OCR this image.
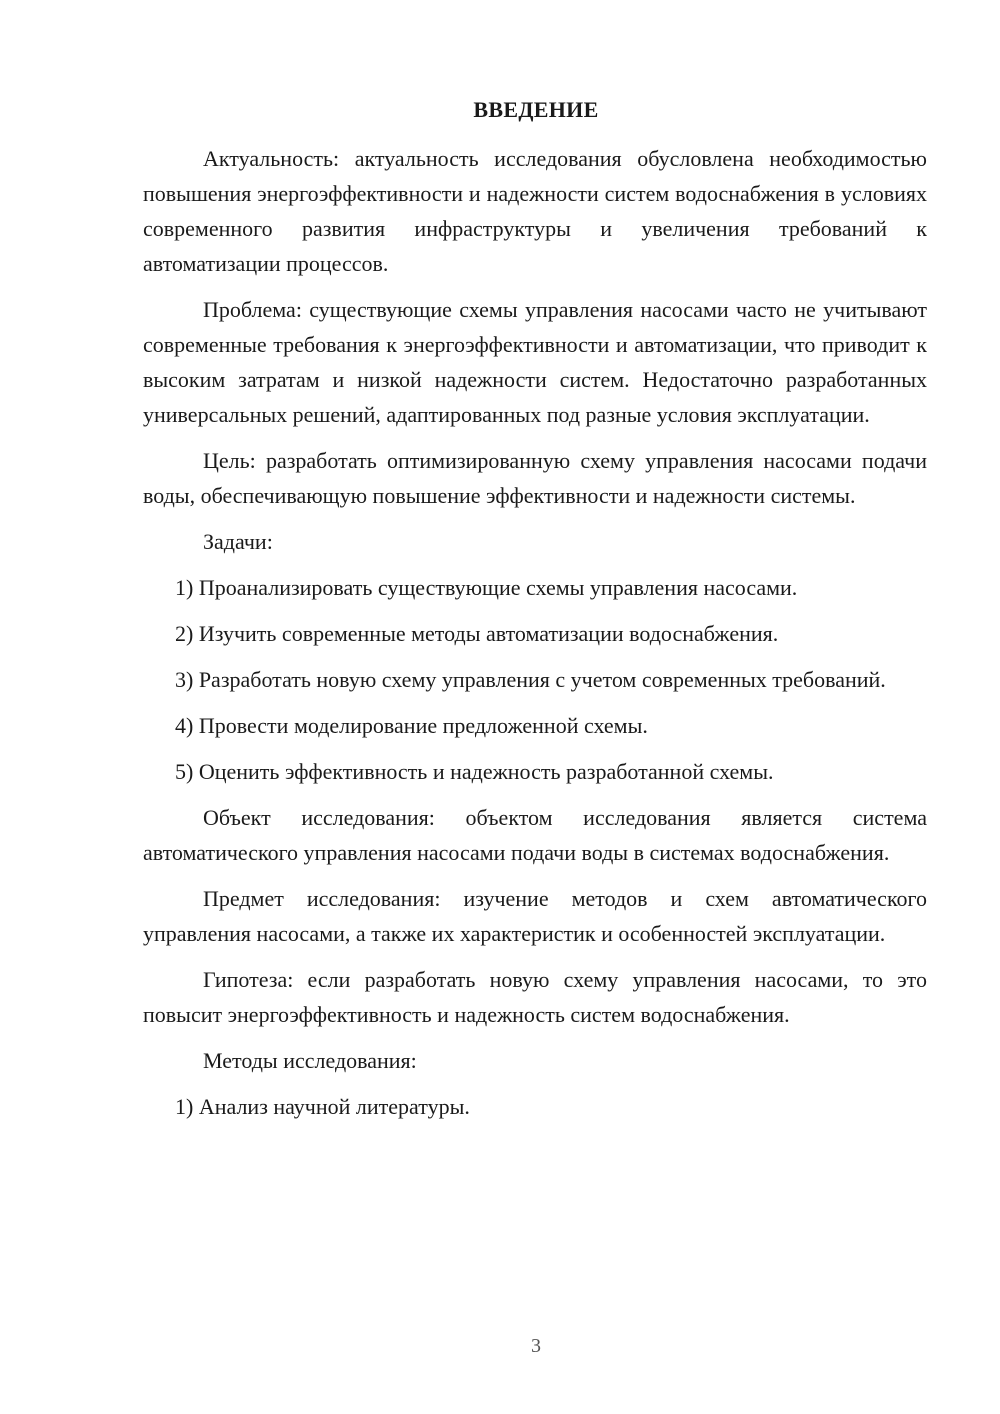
ВВЕДЕНИЕ

Актуальность: актуальность исследования обусловлена необходимостью повышения энергоэффективности и надежности систем водоснабжения в условиях современного развития инфраструктуры и увеличения требований к автоматизации процессов.

Проблема: существующие схемы управления насосами часто не учитывают современные требования к энергоэффективности и автоматизации, что приводит к высоким затратам и низкой надежности систем. Недостаточно разработанных универсальных решений, адаптированных под разные условия эксплуатации.

Цель: разработать оптимизированную схему управления насосами подачи воды, обеспечивающую повышение эффективности и надежности системы.

Задачи:

1) Проанализировать существующие схемы управления насосами.

2) Изучить современные методы автоматизации водоснабжения.

3) Разработать новую схему управления с учетом современных требований.

4) Провести моделирование предложенной схемы.

5) Оценить эффективность и надежность разработанной схемы.

Объект исследования: объектом исследования является система автоматического управления насосами подачи воды в системах водоснабжения.

Предмет исследования: изучение методов и схем автоматического управления насосами, а также их характеристик и особенностей эксплуатации.

Гипотеза: если разработать новую схему управления насосами, то это повысит энергоэффективность и надежность систем водоснабжения.

Методы исследования:

1) Анализ научной литературы.

3
